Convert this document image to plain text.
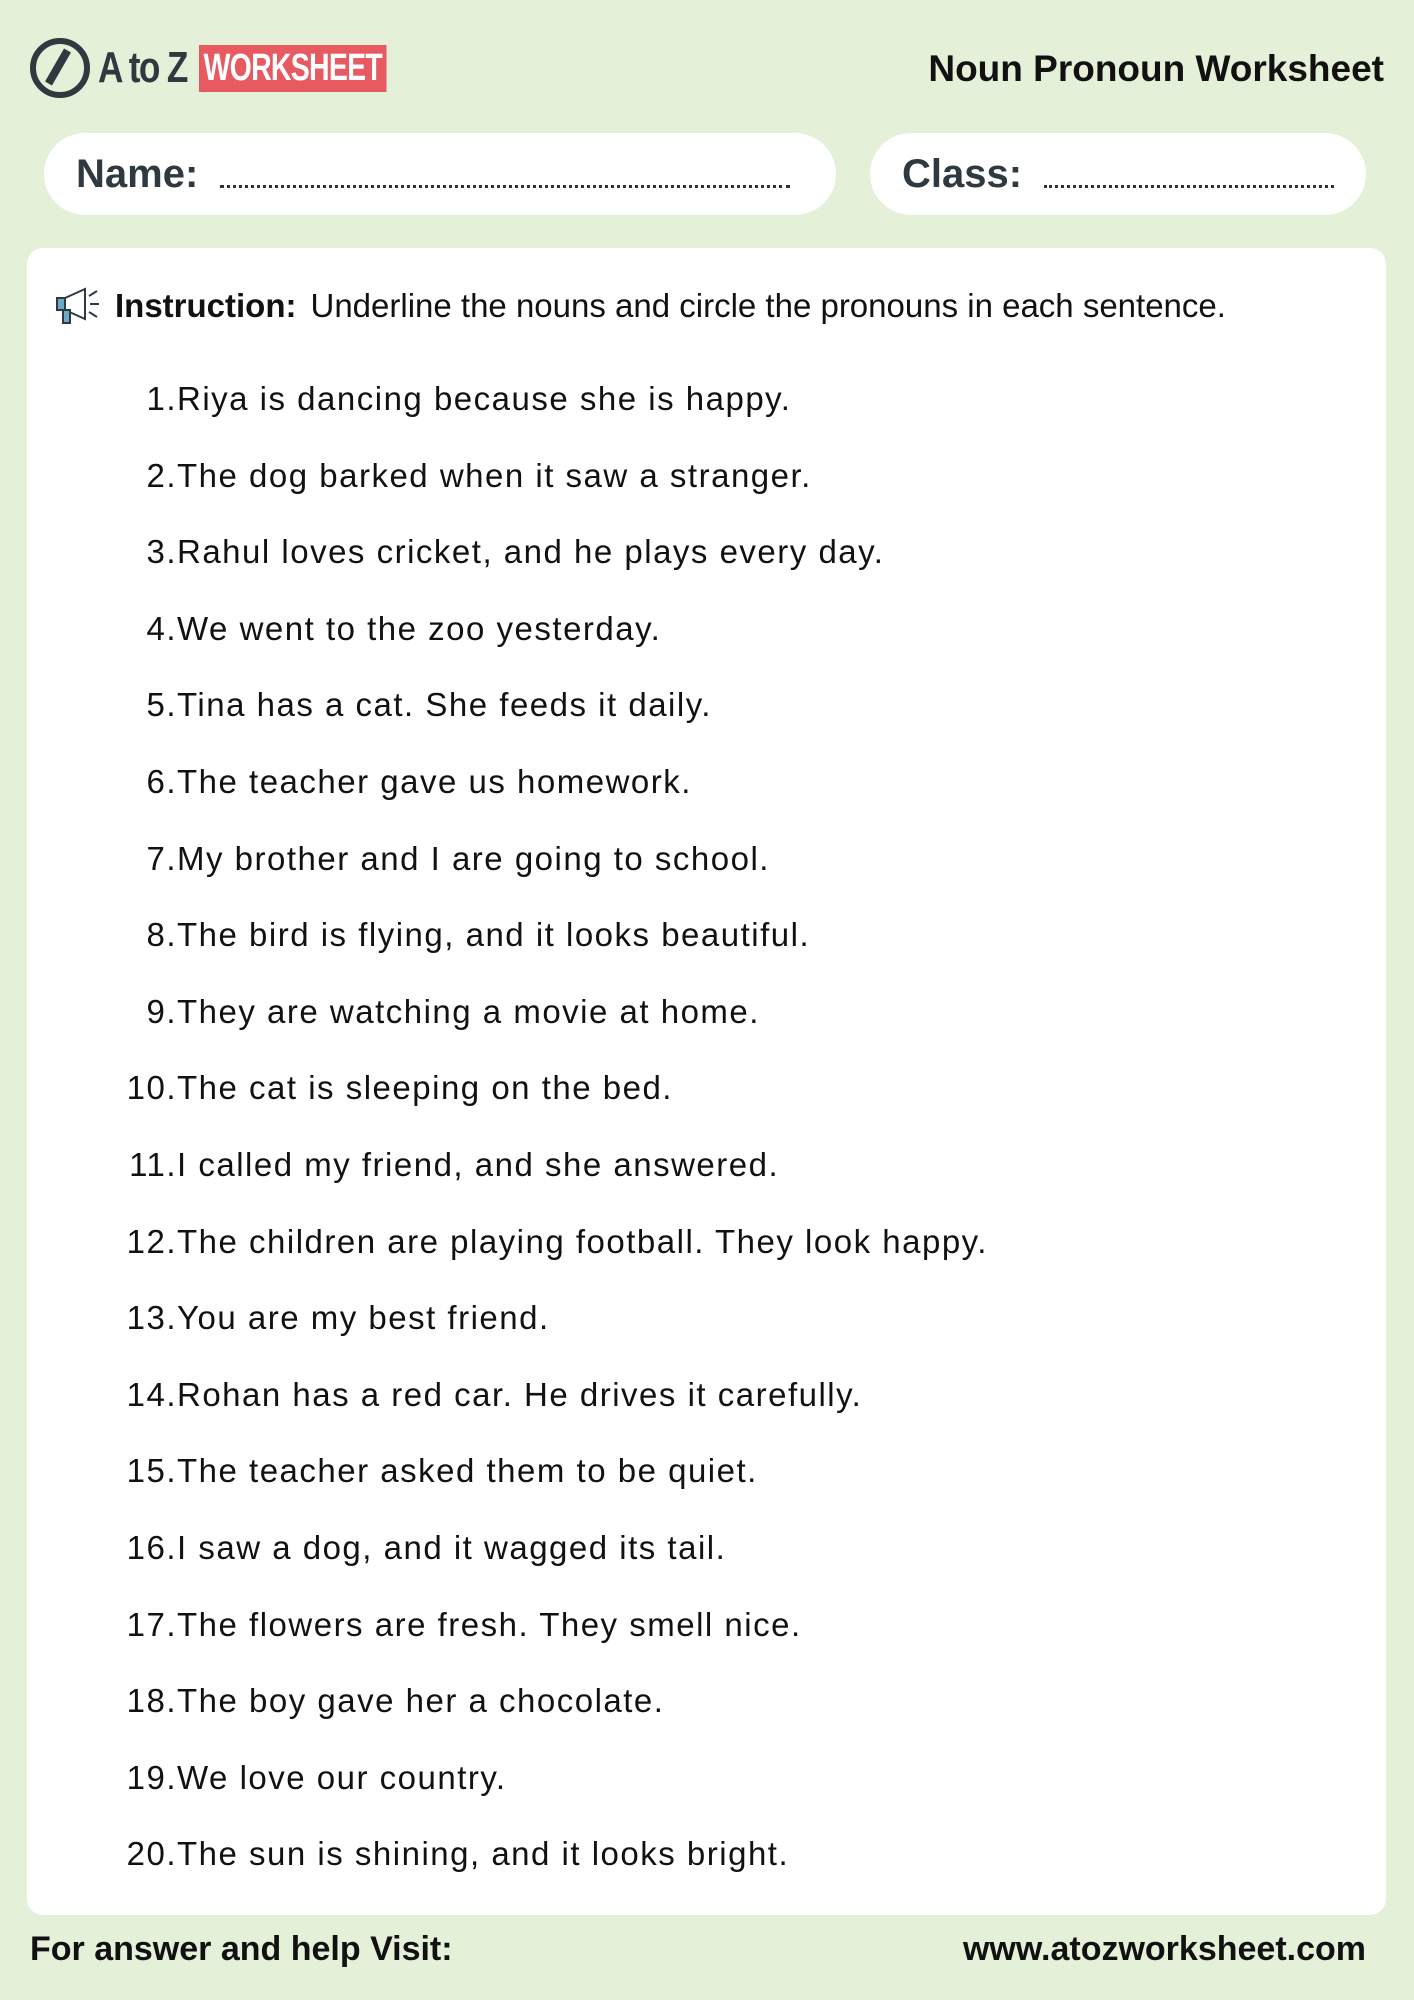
A to Z WORKSHEET	Noun Pronoun Worksheet
Name:	Class:
Instruction: Underline the nouns and circle the pronouns in each sentence.
1. Riya is dancing because she is happy.
2. The dog barked when it saw a stranger.
3. Rahul loves cricket, and he plays every day.
4. We went to the zoo yesterday.
5. Tina has a cat. She feeds it daily.
6. The teacher gave us homework.
7. My brother and I are going to school.
8. The bird is flying, and it looks beautiful.
9. They are watching a movie at home.
10. The cat is sleeping on the bed.
11. I called my friend, and she answered.
12. The children are playing football. They look happy.
13. You are my best friend.
14. Rohan has a red car. He drives it carefully.
15. The teacher asked them to be quiet.
16. I saw a dog, and it wagged its tail.
17. The flowers are fresh. They smell nice.
18. The boy gave her a chocolate.
19. We love our country.
20. The sun is shining, and it looks bright.
For answer and help Visit:	www.atozworksheet.com
